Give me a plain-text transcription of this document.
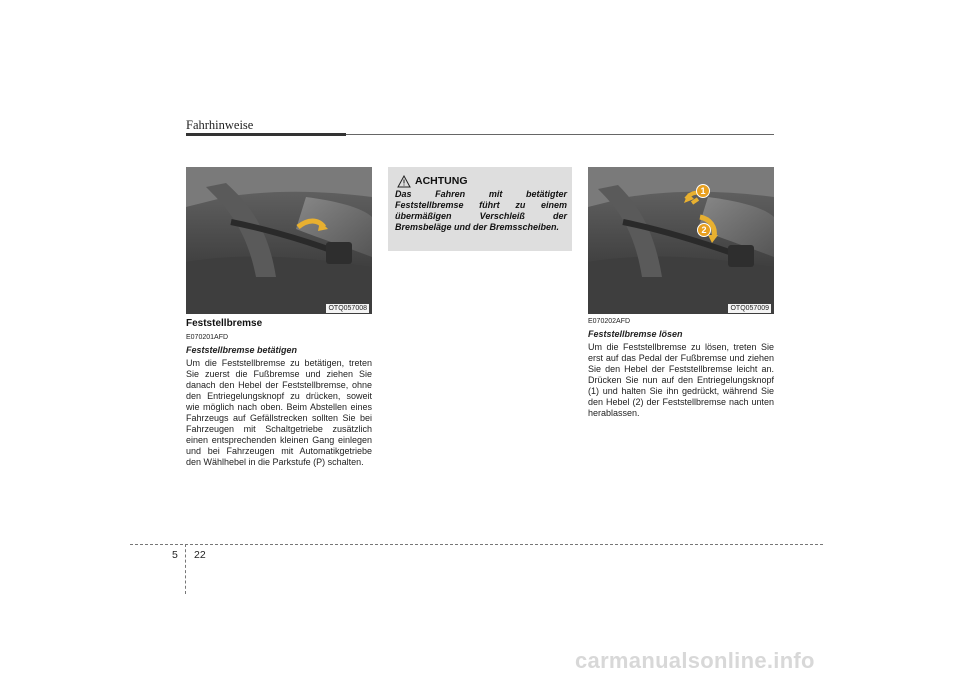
Fahrhinweise
OTQ057008
Feststellbremse
E070201AFD
Feststellbremse betätigen
Um die Feststellbremse zu betätigen, treten Sie zuerst die Fußbremse und ziehen Sie danach den Hebel der Feststellbremse, ohne den Entriegelungsknopf zu drücken, soweit wie möglich nach oben. Beim Abstellen eines Fahrzeugs auf Gefällstrecken sollten Sie bei Fahrzeugen mit Schaltgetriebe zusätzlich einen entsprechenden kleinen Gang einlegen und bei Fahrzeugen mit Automatikgetriebe den Wählhebel in die Parkstufe (P) schalten.
ACHTUNG
Das Fahren mit betätigter Feststellbremse führt zu einem übermäßigen Verschleiß der Bremsbeläge und der Bremsscheiben.
1
2
OTQ057009
E070202AFD
Feststellbremse lösen
Um die Feststellbremse zu lösen, treten Sie erst auf das Pedal der Fußbremse und ziehen Sie den Hebel der Feststellbremse leicht an. Drücken Sie nun auf den Entriegelungsknopf (1) und halten Sie ihn gedrückt, während Sie den Hebel (2) der Feststellbremse nach unten herablassen.
5 22
carmanualsonline.info
